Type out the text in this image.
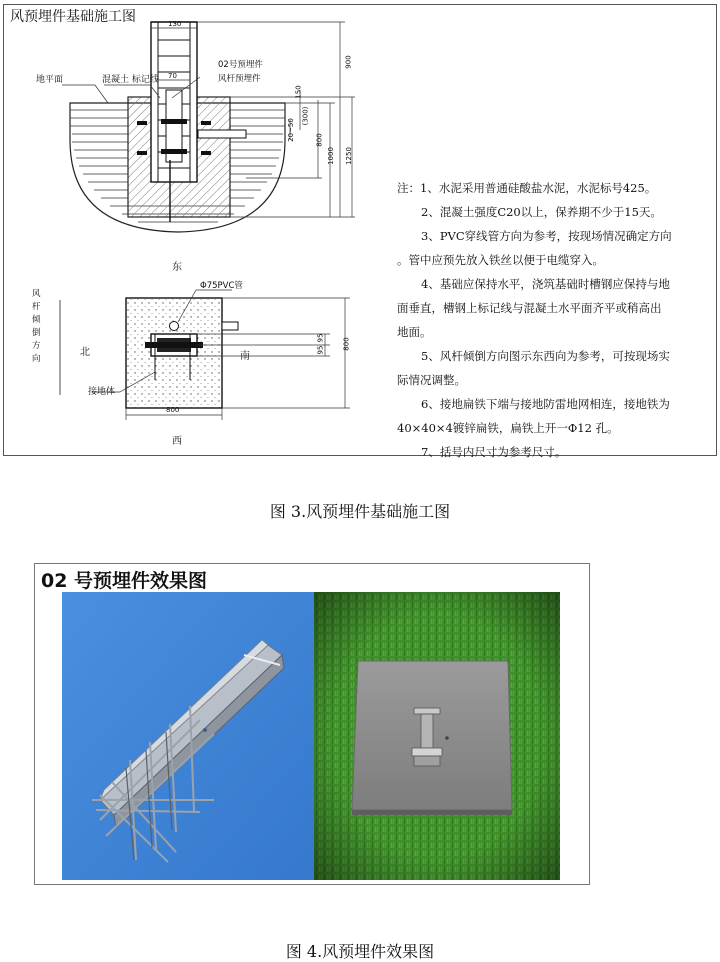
风预埋件基础施工图
地平面	混凝土 标记线
02号预埋件
风杆预埋件
东
西
北	南
风杆倾倒方向
Φ75PVC管
接地体
130
70
900
150
(300)
20~50	800
1000 1250
95
95	800
800

注：1、水泥采用普通硅酸盐水泥，水泥标号425。

2、混凝土强度C20以上，保养期不少于15天。

3、PVC穿线管方向为参考，按现场情况确定方向

。管中应预先放入铁丝以便于电缆穿入。

4、基础应保持水平，浇筑基础时槽钢应保持与地

面垂直，槽钢上标记线与混凝土水平面齐平或稍高出

地面。

5、风杆倾倒方向图示东西向为参考，可按现场实

际情况调整。

6、接地扁铁下端与接地防雷地网相连，接地铁为

40×40×4镀锌扁铁，扁铁上开一Φ12 孔。

7、括号内尺寸为参考尺寸。

图 3.风预埋件基础施工图
02 号预埋件效果图
图 4.风预埋件效果图
